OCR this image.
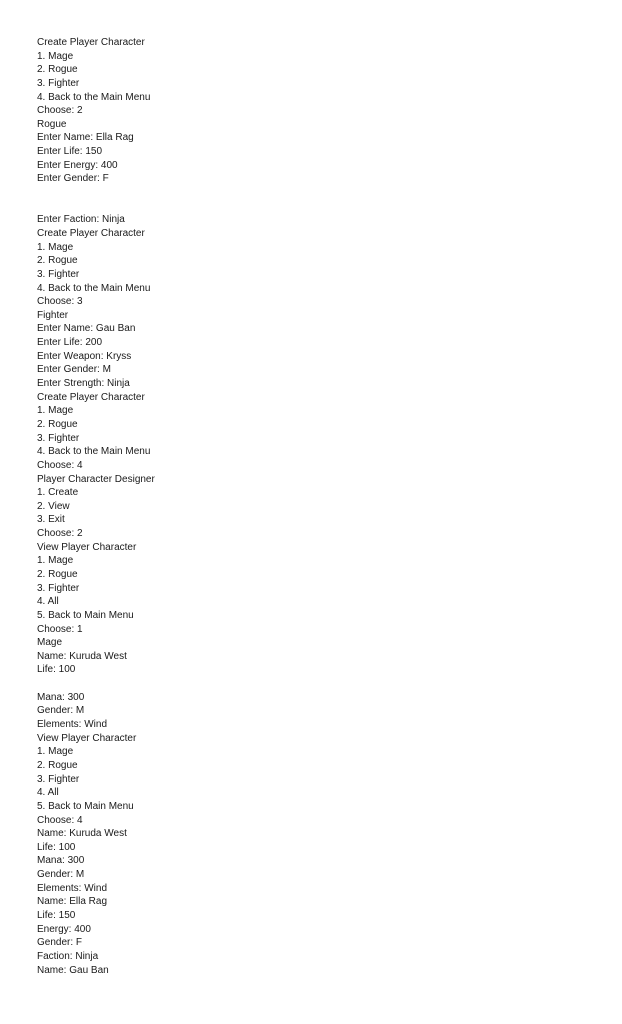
Create Player Character
1. Mage
2. Rogue
3. Fighter
4. Back to the Main Menu
Choose: 2
Rogue
Enter Name: Ella Rag
Enter Life: 150
Enter Energy: 400
Enter Gender: F
Enter Faction: Ninja
Create Player Character
1. Mage
2. Rogue
3. Fighter
4. Back to the Main Menu
Choose: 3
Fighter
Enter Name: Gau Ban
Enter Life: 200
Enter Weapon: Kryss
Enter Gender: M
Enter Strength: Ninja
Create Player Character
1. Mage
2. Rogue
3. Fighter
4. Back to the Main Menu
Choose: 4
Player Character Designer
1. Create
2. View
3. Exit
Choose: 2
View Player Character
1. Mage
2. Rogue
3. Fighter
4. All
5. Back to Main Menu
Choose: 1
Mage
Name: Kuruda West
Life: 100
Mana: 300
Gender: M
Elements: Wind
View Player Character
1. Mage
2. Rogue
3. Fighter
4. All
5. Back to Main Menu
Choose: 4
Name: Kuruda West
Life: 100
Mana: 300
Gender: M
Elements: Wind
Name: Ella Rag
Life: 150
Energy: 400
Gender: F
Faction: Ninja
Name: Gau Ban
